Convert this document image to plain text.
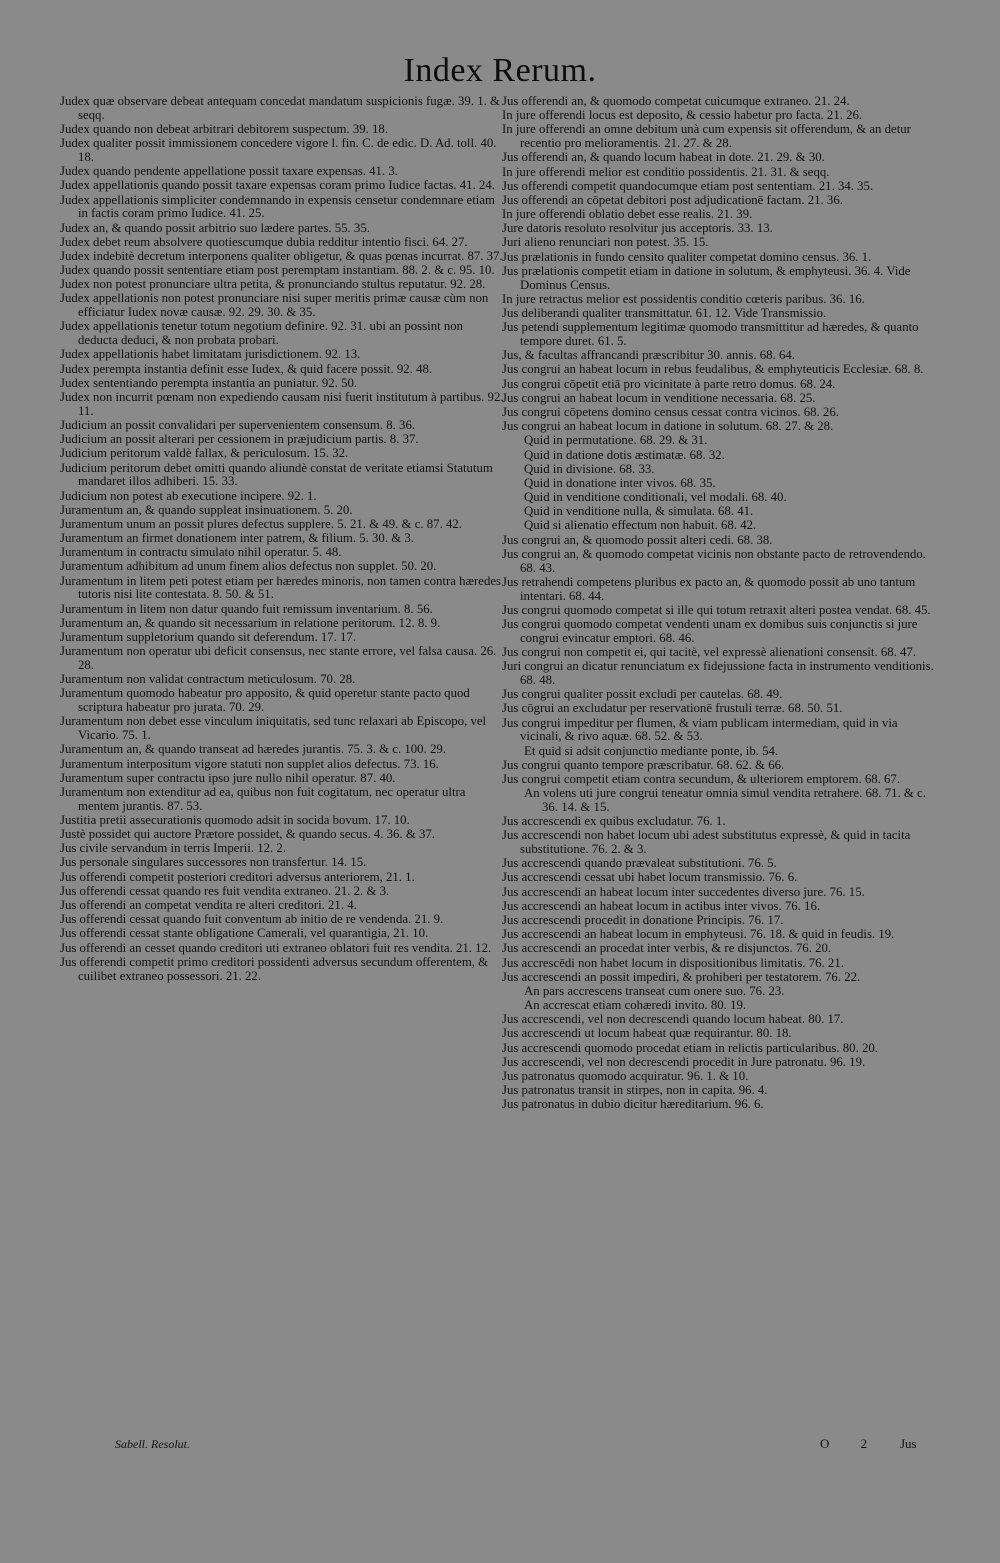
Index Rerum.
Judex quæ observare debeat antequam concedat mandatum suspicionis fugæ. 39. 1. & seqq.
Judex quando non debeat arbitrari debitorem suspectum. 39. 18.
Judex qualiter possit immissionem concedere vigore l. fin. C. de edic. D. Ad. toll. 40. 18.
Judex quando pendente appellatione possit taxare expensas. 41. 3.
Judex appellationis quando possit taxare expensas coram primo Iudice factas. 41. 24.
Judex appellationis simpliciter condemnando in expensis censetur condemnare etiam in factis coram primo Iudice. 41. 25.
Judex an, & quando possit arbitrio suo lædere partes. 55. 35.
Judex debet reum absolvere quotiescumque dubia redditur intentio fisci. 64. 27.
Judex indebitè decretum interponens qualiter obligetur, & quas pœnas incurrat. 87. 37.
Judex quando possit sententiare etiam post peremptam instantiam. 88. 2. & c. 95. 10.
Judex non potest pronunciare ultra petita, & pronunciando stultus reputatur. 92. 28.
Judex appellationis non potest pronunciare nisi super meritis primæ causæ cùm non efficiatur Iudex novæ causæ. 92. 29. 30. & 35.
Judex appellationis tenetur totum negotium definire. 92. 31. ubi an possint non deducta deduci, & non probata probari.
Judex appellationis habet limitatam jurisdictionem. 92. 13.
Judex perempta instantia definit esse Iudex, & quid facere possit. 92. 48.
Judex sententiando perempta instantia an puniatur. 92. 50.
Judex non incurrit pœnam non expediendo causam nisi fuerit institutum à partibus. 92. 11.
Judicium an possit convalidari per supervenientem consensum. 8. 36.
Judicium an possit alterari per cessionem in præjudicium partis. 8. 37.
Judicium peritorum valdè fallax, & periculosum. 15. 32.
Judicium peritorum debet omitti quando aliundè constat de veritate etiamsi Statutum mandaret illos adhiberi. 15. 33.
Judicium non potest ab executione incipere. 92. 1.
Juramentum an, & quando suppleat insinuationem. 5. 20.
Juramentum unum an possit plures defectus supplere. 5. 21. & 49. & c. 87. 42.
Juramentum an firmet donationem inter patrem, & filium. 5. 30. & 3.
Juramentum in contractu simulato nihil operatur. 5. 48.
Juramentum adhibitum ad unum finem alios defectus non supplet. 50. 20.
Juramentum in litem peti potest etiam per hæredes minoris, non tamen contra hæredes tutoris nisi lite contestata. 8. 50. & 51.
Juramentum in litem non datur quando fuit remissum inventarium. 8. 56.
Juramentum an, & quando sit necessarium in relatione peritorum. 12. 8. 9.
Juramentum suppletorium quando sit deferendum. 17. 17.
Juramentum non operatur ubi deficit consensus, nec stante errore, vel falsa causa. 26. 28.
Juramentum non validat contractum meticulosum. 70. 28.
Juramentum quomodo habeatur pro apposito, & quid operetur stante pacto quod scriptura habeatur pro jurata. 70. 29.
Juramentum non debet esse vinculum iniquitatis, sed tunc relaxari ab Episcopo, vel Vicario. 75. 1.
Juramentum an, & quando transeat ad hæredes jurantis. 75. 3. & c. 100. 29.
Juramentum interpositum vigore statuti non supplet alios defectus. 73. 16.
Juramentum super contractu ipso jure nullo nihil operatur. 87. 40.
Juramentum non extenditur ad ea, quibus non fuit cogitatum, nec operatur ultra mentem jurantis. 87. 53.
Justitia pretii assecurationis quomodo adsit in socida bovum. 17. 10.
Justè possidet qui auctore Prætore possidet, & quando secus. 4. 36. & 37.
Jus civile servandum in terris Imperii. 12. 2.
Jus personale singulares successores non transfertur. 14. 15.
Jus offerendi competit posteriori creditori adversus anteriorem, 21. 1.
Jus offerendi cessat quando res fuit vendita extraneo. 21. 2. & 3.
Jus offerendi an competat vendita re alteri creditori. 21. 4.
Jus offerendi cessat quando fuit conventum ab initio de re vendenda. 21. 9.
Jus offerendi cessat stante obligatione Camerali, vel quarantigia, 21. 10.
Jus offerendi an cesset quando creditori uti extraneo oblatori fuit res vendita. 21. 12.
Jus offerendi competit primo creditori possidenti adversus secundum offerentem, & cuilibet extraneo possessori. 21. 22.
Jus offerendi an, & quomodo competat cuicumque extraneo. 21. 24.
In jure offerendi locus est deposito, & cessio habetur pro facta. 21. 26.
In jure offerendi an omne debitum unà cum expensis sit offerendum, & an detur recentio pro melioramentis. 21. 27. & 28.
Jus offerendi an, & quando locum habeat in dote. 21. 29. & 30.
In jure offerendi melior est conditio possidentis. 21. 31. & seqq.
Jus offerendi competit quandocumque etiam post sententiam. 21. 34. 35.
Jus offerendi an cōpetat debitori post adjudicationē factam. 21. 36.
In jure offerendi oblatio debet esse realis. 21. 39.
Jure datoris resoluto resolvitur jus acceptoris. 33. 13.
Juri alieno renunciari non potest. 35. 15.
Jus prælationis in fundo censito qualiter competat domino census. 36. 1.
Jus prælationis competit etiam in datione in solutum, & emphyteusi. 36. 4. Vide Dominus Census.
In jure retractus melior est possidentis conditio cœteris paribus. 36. 16.
Jus deliberandi qualiter transmittatur. 61. 12. Vide Transmissio.
Jus petendi supplementum legitimæ quomodo transmittitur ad hæredes, & quanto tempore duret. 61. 5.
Jus, & facultas affrancandi præscribitur 30. annis. 68. 64.
Jus congrui an habeat locum in rebus feudalibus, & emphyteuticis Ecclesiæ. 68. 8.
Jus congrui cōpetit etiā pro vicinitate à parte retro domus. 68. 24.
Jus congrui an habeat locum in venditione necessaria. 68. 25.
Jus congrui cōpetens domino census cessat contra vicinos. 68. 26.
Jus congrui an habeat locum in datione in solutum. 68. 27. & 28.
Quid in permutatione. 68. 29. & 31.
Quid in datione dotis æstimatæ. 68. 32.
Quid in divisione. 68. 33.
Quid in donatione inter vivos. 68. 35.
Quid in venditione conditionali, vel modali. 68. 40.
Quid in venditione nulla, & simulata. 68. 41.
Quid si alienatio effectum non habuit. 68. 42.
Jus congrui an, & quomodo possit alteri cedi. 68. 38.
Jus congrui an, & quomodo competat vicinis non obstante pacto de retrovendendo. 68. 43.
Jus retrahendi competens pluribus ex pacto an, & quomodo possit ab uno tantum intentari. 68. 44.
Jus congrui quomodo competat si ille qui totum retraxit alteri postea vendat. 68. 45.
Jus congrui quomodo competat vendenti unam ex domibus suis conjunctis si jure congrui evincatur emptori. 68. 46.
Jus congrui non competit ei, qui tacitè, vel expressè alienationi consensit. 68. 47.
Juri congrui an dicatur renunciatum ex fidejussione facta in instrumento venditionis. 68. 48.
Jus congrui qualiter possit excludi per cautelas. 68. 49.
Jus cōgrui an excludatur per reservationē frustuli terræ. 68. 50. 51.
Jus congrui impeditur per flumen, & viam publicam intermediam, quid in via vicinali, & rivo aquæ. 68. 52. & 53.
Et quid si adsit conjunctio mediante ponte, ib. 54.
Jus congrui quanto tempore præscribatur. 68. 62. & 66.
Jus congrui competit etiam contra secundum, & ulteriorem emptorem. 68. 67.
An volens uti jure congrui teneatur omnia simul vendita retrahere. 68. 71. & c. 36. 14. & 15.
Jus accrescendi ex quibus excludatur. 76. 1.
Jus accrescendi non habet locum ubi adest substitutus expressè, & quid in tacita substitutione. 76. 2. & 3.
Jus accrescendi quando prævaleat substitutioni. 76. 5.
Jus accrescendi cessat ubi habet locum transmissio. 76. 6.
Jus accrescendi an habeat locum inter succedentes diverso jure. 76. 15.
Jus accrescendi an habeat locum in actibus inter vivos. 76. 16.
Jus accrescendi procedit in donatione Principis. 76. 17.
Jus accrescendi an habeat locum in emphyteusi. 76. 18. & quid in feudis. 19.
Jus accrescendi an procedat inter verbis, & re disjunctos. 76. 20.
Jus accrescēdi non habet locum in dispositionibus limitatis. 76. 21.
Jus accrescendi an possit impediri, & prohiberi per testatorem. 76. 22.
An pars accrescens transeat cum onere suo. 76. 23.
An accrescat etiam cohæredi invito. 80. 19.
Jus accrescendi, vel non decrescendi quando locum habeat. 80. 17.
Jus accrescendi ut locum habeat quæ requirantur. 80. 18.
Jus accrescendi quomodo procedat etiam in relictis particularibus. 80. 20.
Jus accrescendi, vel non decrescendi procedit in Jure patronatu. 96. 19.
Jus patronatus quomodo acquiratur. 96. 1. & 10.
Jus patronatus transit in stirpes, non in capita. 96. 4.
Jus patronatus in dubio dicitur hæreditarium. 96. 6.
Sabell. Resolut.	O 2 Jus
